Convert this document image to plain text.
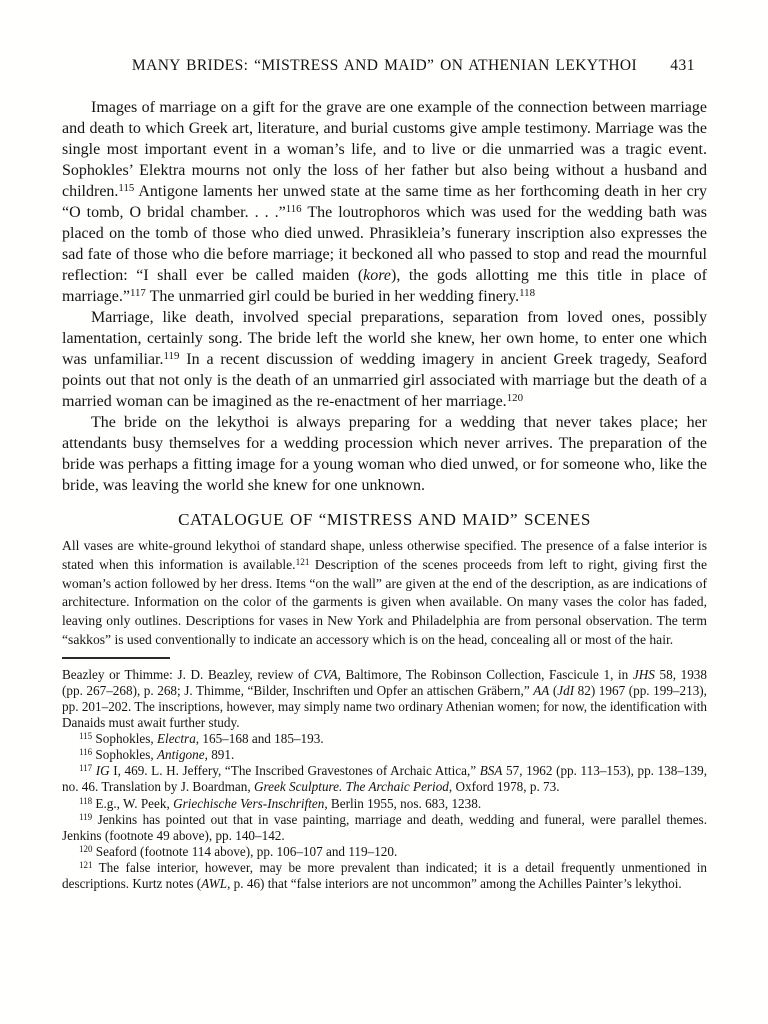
MANY BRIDES: “MISTRESS AND MAID” ON ATHENIAN LEKYTHOI 431

Images of marriage on a gift for the grave are one example of the connection between marriage and death to which Greek art, literature, and burial customs give ample testimony. Marriage was the single most important event in a woman’s life, and to live or die unmarried was a tragic event. Sophokles’ Elektra mourns not only the loss of her father but also being without a husband and children.$^{115}$ Antigone laments her unwed state at the same time as her forthcoming death in her cry “O tomb, O bridal chamber. . . .”$^{116}$ The loutrophoros which was used for the wedding bath was placed on the tomb of those who died unwed. Phrasikleia’s funerary inscription also expresses the sad fate of those who die before marriage; it beckoned all who passed to stop and read the mournful reflection: “I shall ever be called maiden (kore), the gods allotting me this title in place of marriage.”$^{117}$ The unmarried girl could be buried in her wedding finery.$^{118}$

Marriage, like death, involved special preparations, separation from loved ones, possibly lamentation, certainly song. The bride left the world she knew, her own home, to enter one which was unfamiliar.$^{119}$ In a recent discussion of wedding imagery in ancient Greek tragedy, Seaford points out that not only is the death of an unmarried girl associated with marriage but the death of a married woman can be imagined as the re-enactment of her marriage.$^{120}$

The bride on the lekythoi is always preparing for a wedding that never takes place; her attendants busy themselves for a wedding procession which never arrives. The preparation of the bride was perhaps a fitting image for a young woman who died unwed, or for someone who, like the bride, was leaving the world she knew for one unknown.

CATALOGUE OF “MISTRESS AND MAID” SCENES

All vases are white-ground lekythoi of standard shape, unless otherwise specified. The presence of a false interior is stated when this information is available.$^{121}$ Description of the scenes proceeds from left to right, giving first the woman’s action followed by her dress. Items “on the wall” are given at the end of the description, as are indications of architecture. Information on the color of the garments is given when available. On many vases the color has faded, leaving only outlines. Descriptions for vases in New York and Philadelphia are from personal observation. The term “sakkos” is used conventionally to indicate an accessory which is on the head, concealing all or most of the hair.

Beazley or Thimme: J. D. Beazley, review of CVA, Baltimore, The Robinson Collection, Fascicule 1, in JHS 58, 1938 (pp. 267–268), p. 268; J. Thimme, “Bilder, Inschriften und Opfer an attischen Gräbern,” AA (JdI 82) 1967 (pp. 199–213), pp. 201–202. The inscriptions, however, may simply name two ordinary Athenian women; for now, the identification with Danaids must await further study.

$^{115}$ Sophokles, Electra, 165–168 and 185–193.

$^{116}$ Sophokles, Antigone, 891.

$^{117}$ IG I, 469. L. H. Jeffery, “The Inscribed Gravestones of Archaic Attica,” BSA 57, 1962 (pp. 113–153), pp. 138–139, no. 46. Translation by J. Boardman, Greek Sculpture. The Archaic Period, Oxford 1978, p. 73.

$^{118}$ E.g., W. Peek, Griechische Vers-Inschriften, Berlin 1955, nos. 683, 1238.

$^{119}$ Jenkins has pointed out that in vase painting, marriage and death, wedding and funeral, were parallel themes. Jenkins (footnote 49 above), pp. 140–142.

$^{120}$ Seaford (footnote 114 above), pp. 106–107 and 119–120.

$^{121}$ The false interior, however, may be more prevalent than indicated; it is a detail frequently unmentioned in descriptions. Kurtz notes (AWL, p. 46) that “false interiors are not uncommon” among the Achilles Painter’s lekythoi.
